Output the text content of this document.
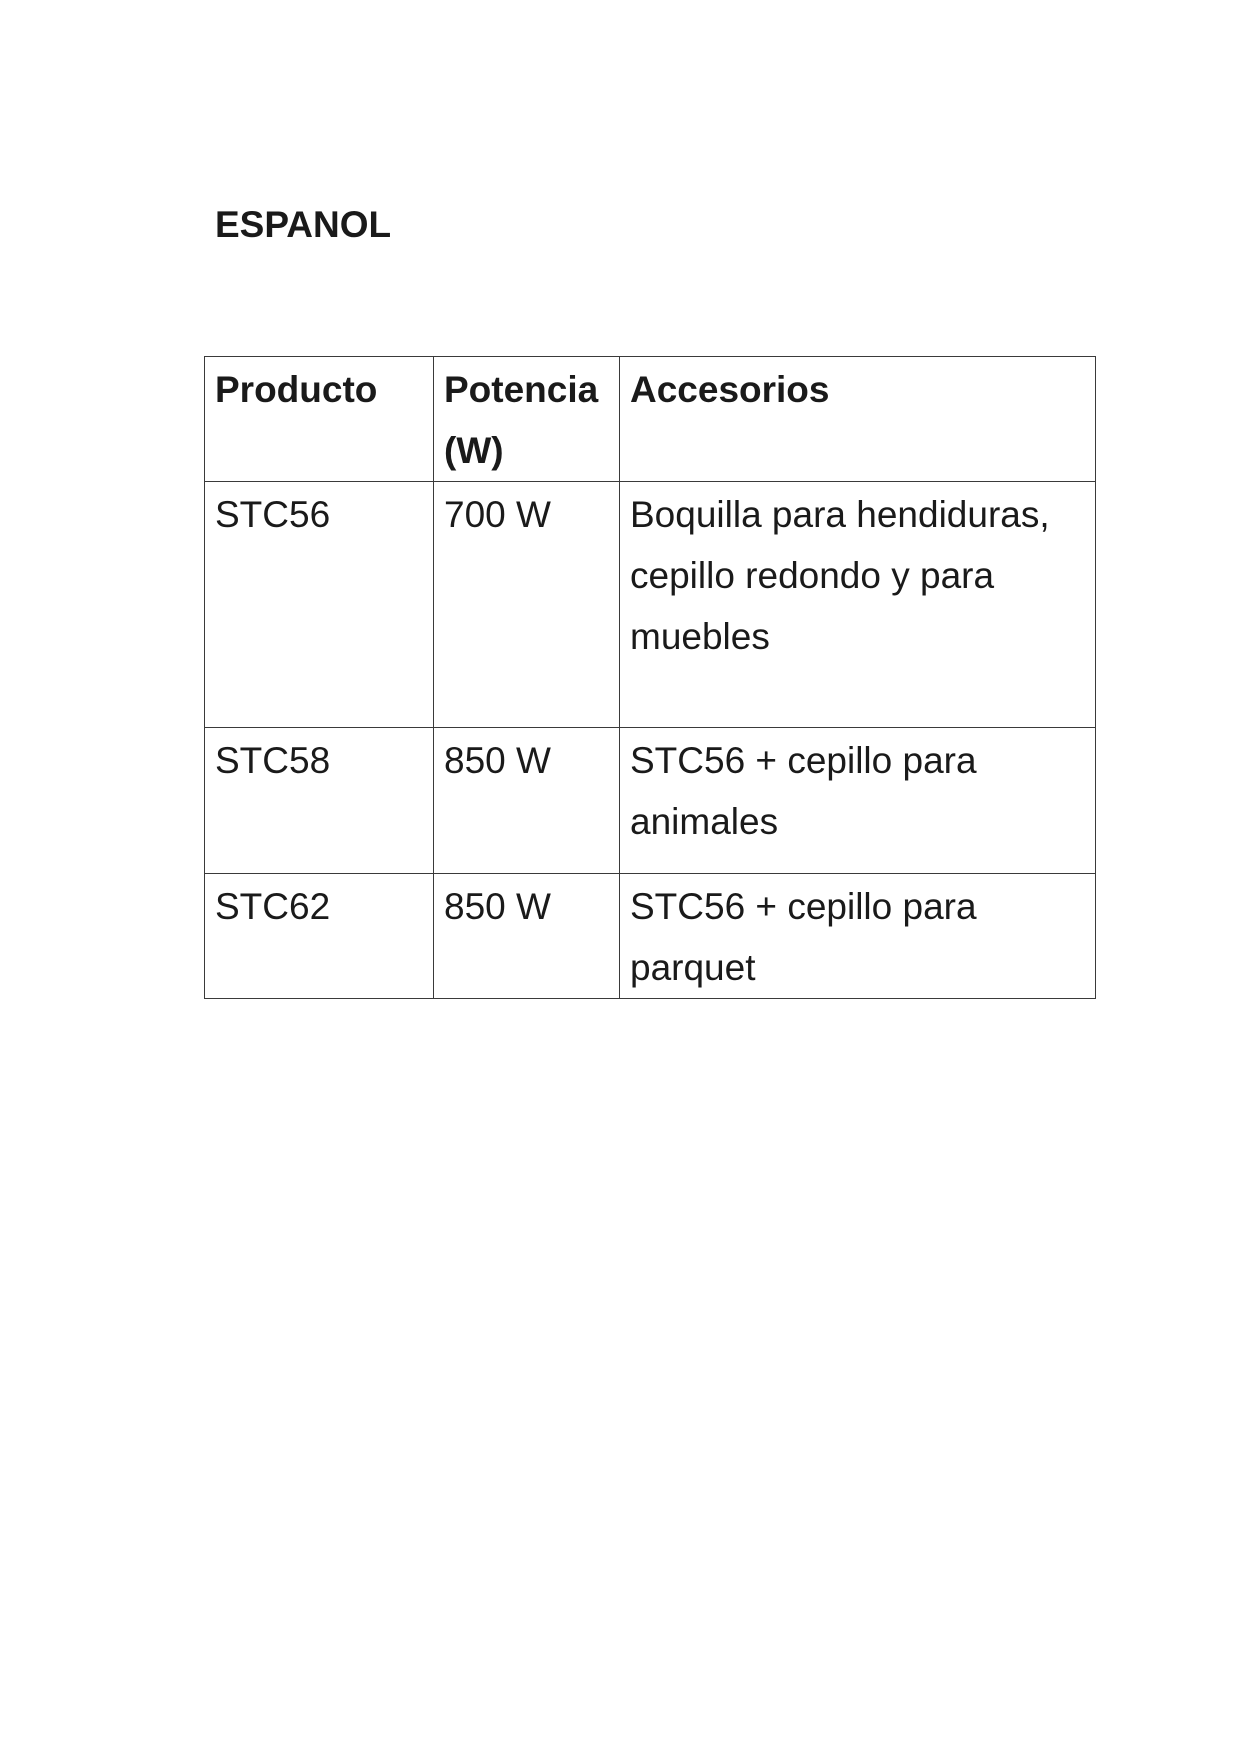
ESPANOL
Producto	Potencia (W)	Accesorios

STC56	700 W	Boquilla para hendiduras, cepillo redondo y para muebles

STC58	850 W	STC56 + cepillo para animales

STC62	850 W	STC56 + cepillo para parquet
